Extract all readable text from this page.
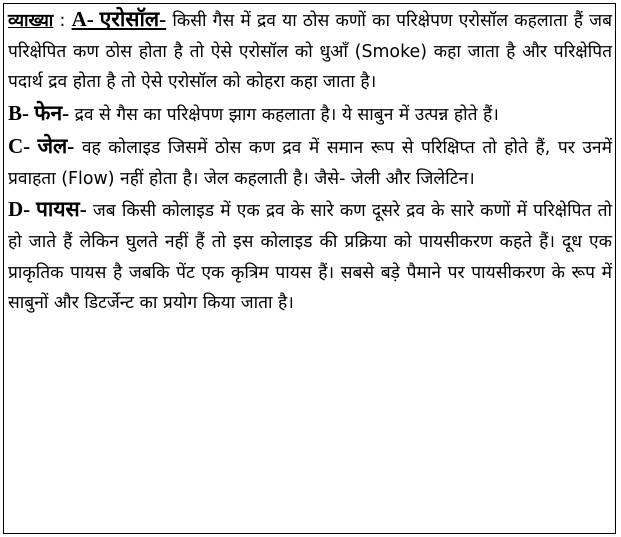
व्याख्या : A- एरोसॉल- किसी गैस में द्रव या ठोस कणों का परिक्षेपण एरोसॉल कहलाता हैं जब परिक्षेपित कण ठोस होता है तो ऐसे एरोसॉल को धुआँ (Smoke) कहा जाता है और परिक्षेपित पदार्थ द्रव होता है तो ऐसे एरोसॉल को कोहरा कहा जाता है।

B- फेन- द्रव से गैस का परिक्षेपण झाग कहलाता है। ये साबुन में उत्पन्न होते हैं।

C- जेल- वह कोलाइड जिसमें ठोस कण द्रव में समान रूप से परिक्षिप्त तो होते हैं, पर उनमें प्रवाहता (Flow) नहीं होता है। जेल कहलाती है। जैसे- जेली और जिलेटिन।

D- पायस- जब किसी कोलाइड में एक द्रव के सारे कण दूसरे द्रव के सारे कणों में परिक्षेपित तो हो जाते हैं लेकिन घुलते नहीं हैं तो इस कोलाइड की प्रक्रिया को पायसीकरण कहते हैं। दूध एक प्राकृतिक पायस है जबकि पेंट एक कृत्रिम पायस हैं। सबसे बड़े पैमाने पर पायसीकरण के रूप में साबुनों और डिटर्जेन्ट का प्रयोग किया जाता है।
